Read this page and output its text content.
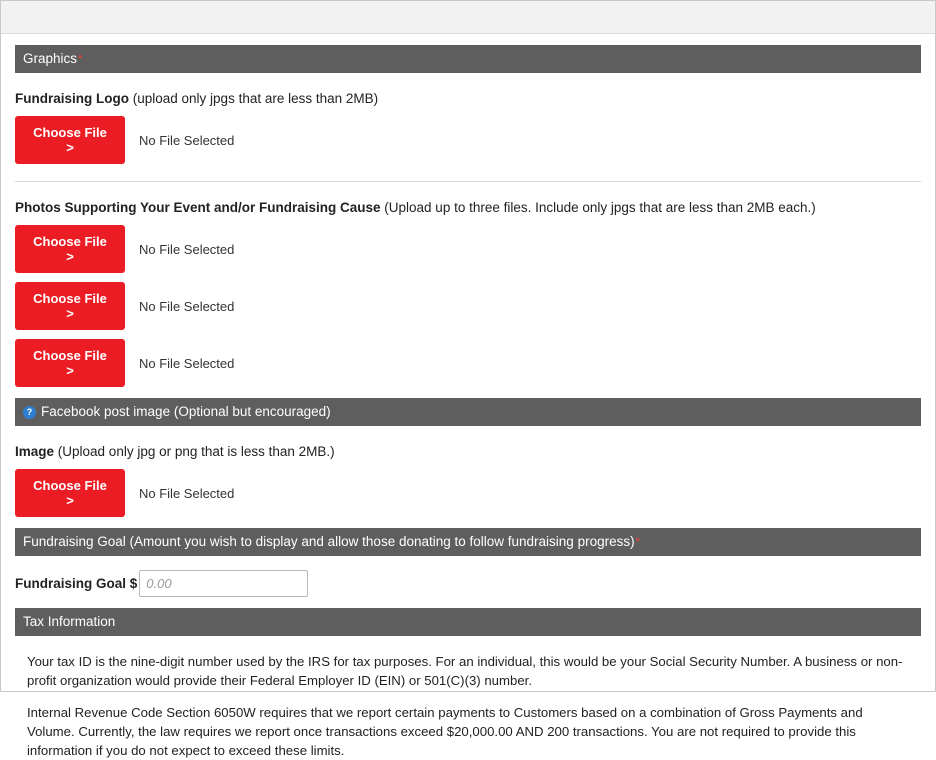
Graphics*
Fundraising Logo (upload only jpgs that are less than 2MB)
Choose File >	No File Selected
Photos Supporting Your Event and/or Fundraising Cause (Upload up to three files. Include only jpgs that are less than 2MB each.)
Choose File >	No File Selected
Choose File >	No File Selected
Choose File >	No File Selected
? Facebook post image (Optional but encouraged)
Image (Upload only jpg or png that is less than 2MB.)
Choose File >	No File Selected
Fundraising Goal (Amount you wish to display and allow those donating to follow fundraising progress)*
Fundraising Goal $
0.00
Tax Information

Your tax ID is the nine-digit number used by the IRS for tax purposes. For an individual, this would be your Social Security Number. A business or non-profit organization would provide their Federal Employer ID (EIN) or 501(C)(3) number.

Internal Revenue Code Section 6050W requires that we report certain payments to Customers based on a combination of Gross Payments and Volume. Currently, the law requires we report once transactions exceed $20,000.00 AND 200 transactions. You are not required to provide this information if you do not expect to exceed these limits.
